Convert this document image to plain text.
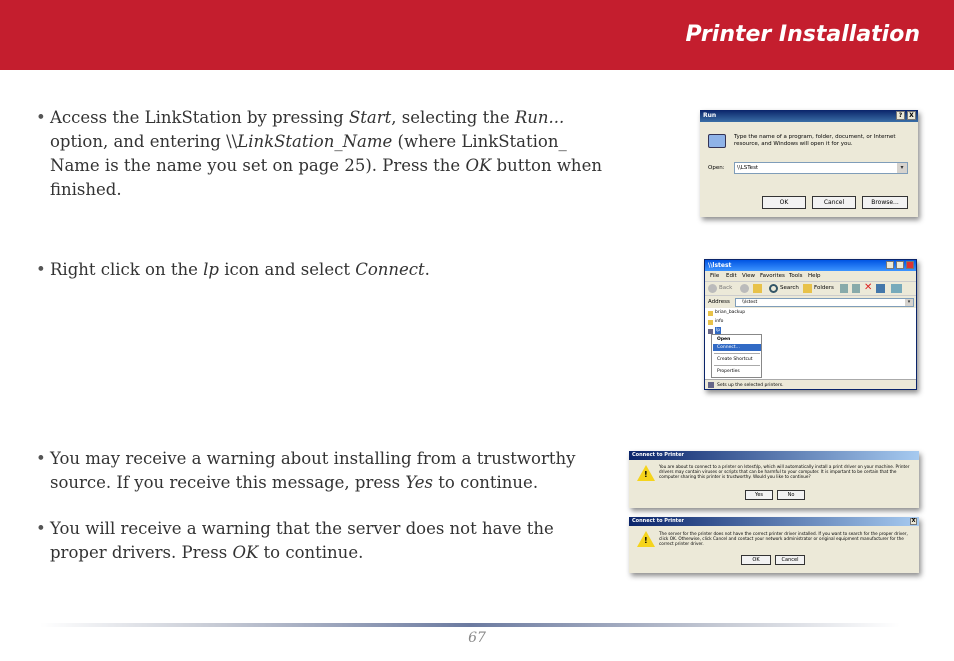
Printer Installation
• Access the LinkStation by pressing Start, selecting the Run... option, and entering \\LinkStation_Name (where LinkStation_ Name is the name you set on page 25). Press the OK button when finished.
• Right click on the lp icon and select Connect.
• You may receive a warning about installing from a trustworthy source. If you receive this message, press Yes to continue.
• You will receive a warning that the server does not have the proper drivers. Press OK to continue.
Run	?	X
Type the name of a program, folder, document, or Internet resource, and Windows will open it for you.
Open: \\LSTest	▾
OK	Cancel	Browse...
\\lstest
File Edit View Favorites Tools Help
Back	Search	Folders	✕
Address	\\lstest	▾
brian_backup
info
lp
Open
Connect...
Create Shortcut
Properties
Sets up the selected printers.
Connect to Printer
!
You are about to connect to a printer on lstest\lp, which will automatically install a print driver on your machine. Printer drivers may contain viruses or scripts that can be harmful to your computer. It is important to be certain that the computer sharing this printer is trustworthy. Would you like to continue?
Yes	No
Connect to Printer	X
!
The server for the printer does not have the correct printer driver installed. If you want to search for the proper driver, click OK. Otherwise, click Cancel and contact your network administrator or original equipment manufacturer for the correct printer driver.
OK	Cancel
67
